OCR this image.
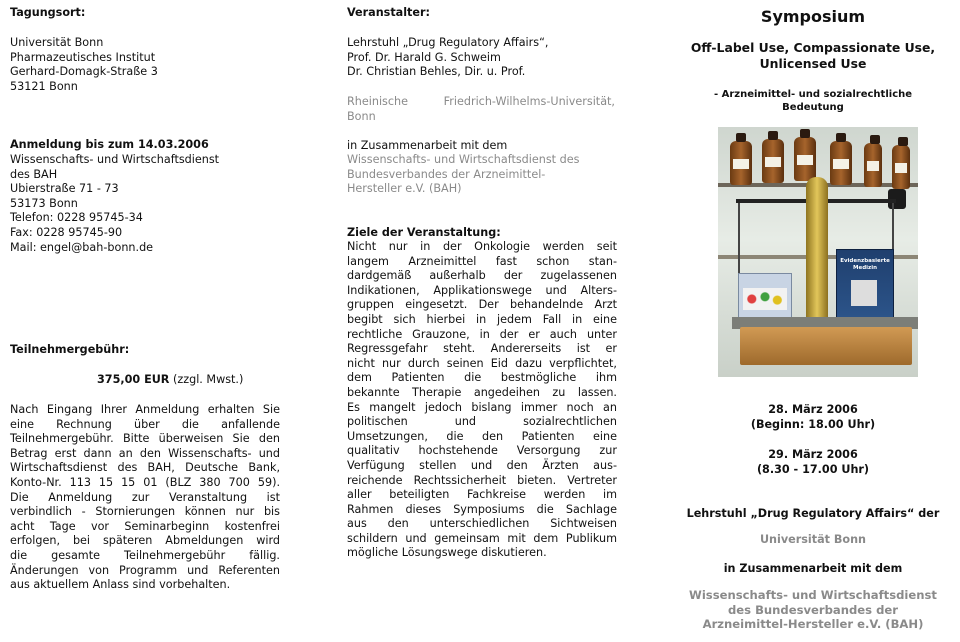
Tagungsort:
Universität Bonn
Pharmazeutisches Institut
Gerhard-Domagk-Straße 3
53121 Bonn
Anmeldung bis zum 14.03.2006
Wissenschafts- und Wirtschaftsdienst
des BAH
Ubierstraße 71 - 73
53173 Bonn
Telefon: 0228 95745-34
Fax: 0228 95745-90
Mail: engel@bah-bonn.de
Teilnehmergebühr:
375,00 EUR (zzgl. Mwst.)
Nach Eingang Ihrer Anmeldung erhalten Sie
eine Rechnung über die anfallende
Teilnehmergebühr. Bitte überweisen Sie den
Betrag erst dann an den Wissenschafts- und
Wirtschaftsdienst des BAH, Deutsche Bank,
Konto-Nr. 113 15 15 01 (BLZ 380 700 59).
Die Anmeldung zur Veranstaltung ist
verbindlich - Stornierungen können nur bis
acht Tage vor Seminarbeginn kostenfrei
erfolgen, bei späteren Abmeldungen wird
die gesamte Teilnehmergebühr fällig.
Änderungen von Programm und Referenten
aus aktuellem Anlass sind vorbehalten.
Veranstalter:
Lehrstuhl „Drug Regulatory Affairs“,
Prof. Dr. Harald G. Schweim
Dr. Christian Behles, Dir. u. Prof.
Rheinische Friedrich-Wilhelms-Universität,
Bonn
in Zusammenarbeit mit dem
Wissenschafts- und Wirtschaftsdienst des
Bundesverbandes der Arzneimittel-
Hersteller e.V. (BAH)
Ziele der Veranstaltung:
Nicht nur in der Onkologie werden seit
langem Arzneimittel fast schon stan-
dardgemäß außerhalb der zugelassenen
Indikationen, Applikationswege und Alters-
gruppen eingesetzt. Der behandelnde Arzt
begibt sich hierbei in jedem Fall in eine
rechtliche Grauzone, in der er auch unter
Regressgefahr steht. Andererseits ist er
nicht nur durch seinen Eid dazu verpflichtet,
dem Patienten die bestmögliche ihm
bekannte Therapie angedeihen zu lassen.
Es mangelt jedoch bislang immer noch an
politischen und sozialrechtlichen
Umsetzungen, die den Patienten eine
qualitativ hochstehende Versorgung zur
Verfügung stellen und den Ärzten aus-
reichende Rechtssicherheit bieten. Vertreter
aller beteiligten Fachkreise werden im
Rahmen dieses Symposiums die Sachlage
aus den unterschiedlichen Sichtweisen
schildern und gemeinsam mit dem Publikum
mögliche Lösungswege diskutieren.
Symposium
Off-Label Use, Compassionate Use,
Unlicensed Use
- Arzneimittel- und sozialrechtliche
Bedeutung
28. März 2006
(Beginn: 18.00 Uhr)
29. März 2006
(8.30 - 17.00 Uhr)
Lehrstuhl „Drug Regulatory Affairs“ der
Universität Bonn
in Zusammenarbeit mit dem
Wissenschafts- und Wirtschaftsdienst
des Bundesverbandes der
Arzneimittel-Hersteller e.V. (BAH)
Evidenzbasierte Medizin
